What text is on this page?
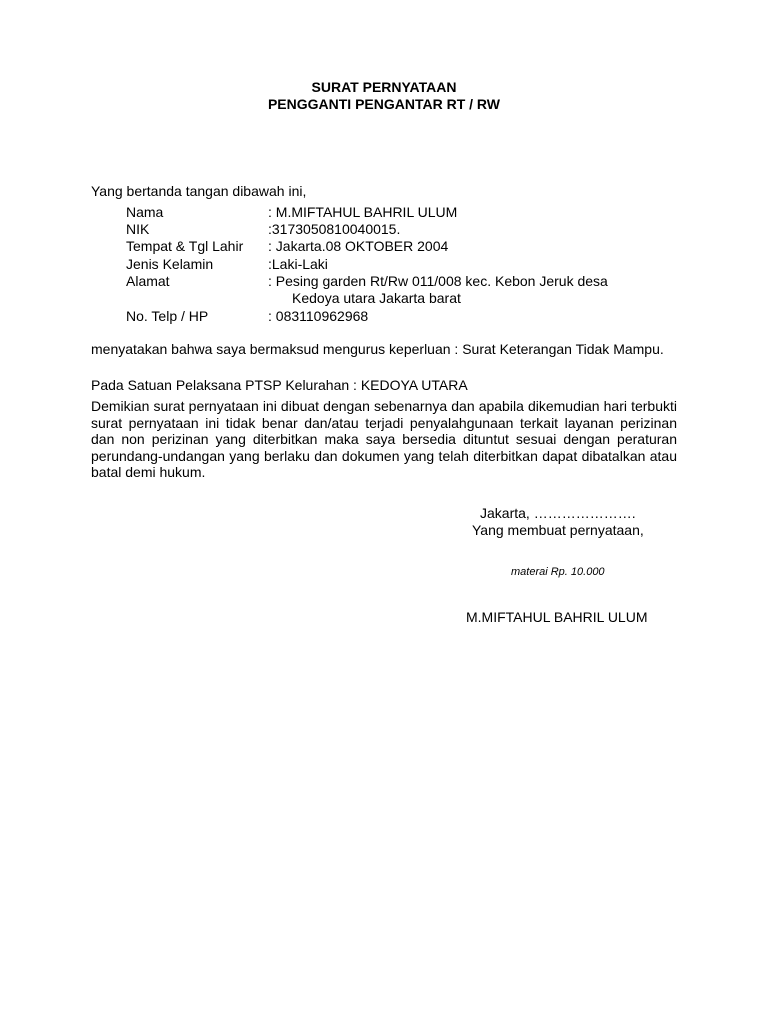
SURAT PERNYATAAN
PENGGANTI PENGANTAR RT / RW
Yang bertanda tangan dibawah ini,
Nama	: M.MIFTAHUL BAHRIL ULUM
NIK	:3173050810040015.
Tempat & Tgl Lahir : Jakarta.08 OKTOBER 2004
Jenis Kelamin	:Laki-Laki
Alamat	: Pesing garden Rt/Rw 011/008 kec. Kebon Jeruk desa
Kedoya utara Jakarta barat
No. Telp / HP	: 083110962968
menyatakan bahwa saya bermaksud mengurus keperluan : Surat Keterangan Tidak Mampu.
Pada Satuan Pelaksana PTSP Kelurahan : KEDOYA UTARA
Demikian surat pernyataan ini dibuat dengan sebenarnya dan apabila dikemudian hari terbukti surat pernyataan ini tidak benar dan/atau terjadi penyalahgunaan terkait layanan perizinan dan non perizinan yang diterbitkan maka saya bersedia dituntut sesuai dengan peraturan perundang-undangan yang berlaku dan dokumen yang telah diterbitkan dapat dibatalkan atau batal demi hukum.
Jakarta, ………………….
Yang membuat pernyataan,
materai Rp. 10.000
M.MIFTAHUL BAHRIL ULUM
